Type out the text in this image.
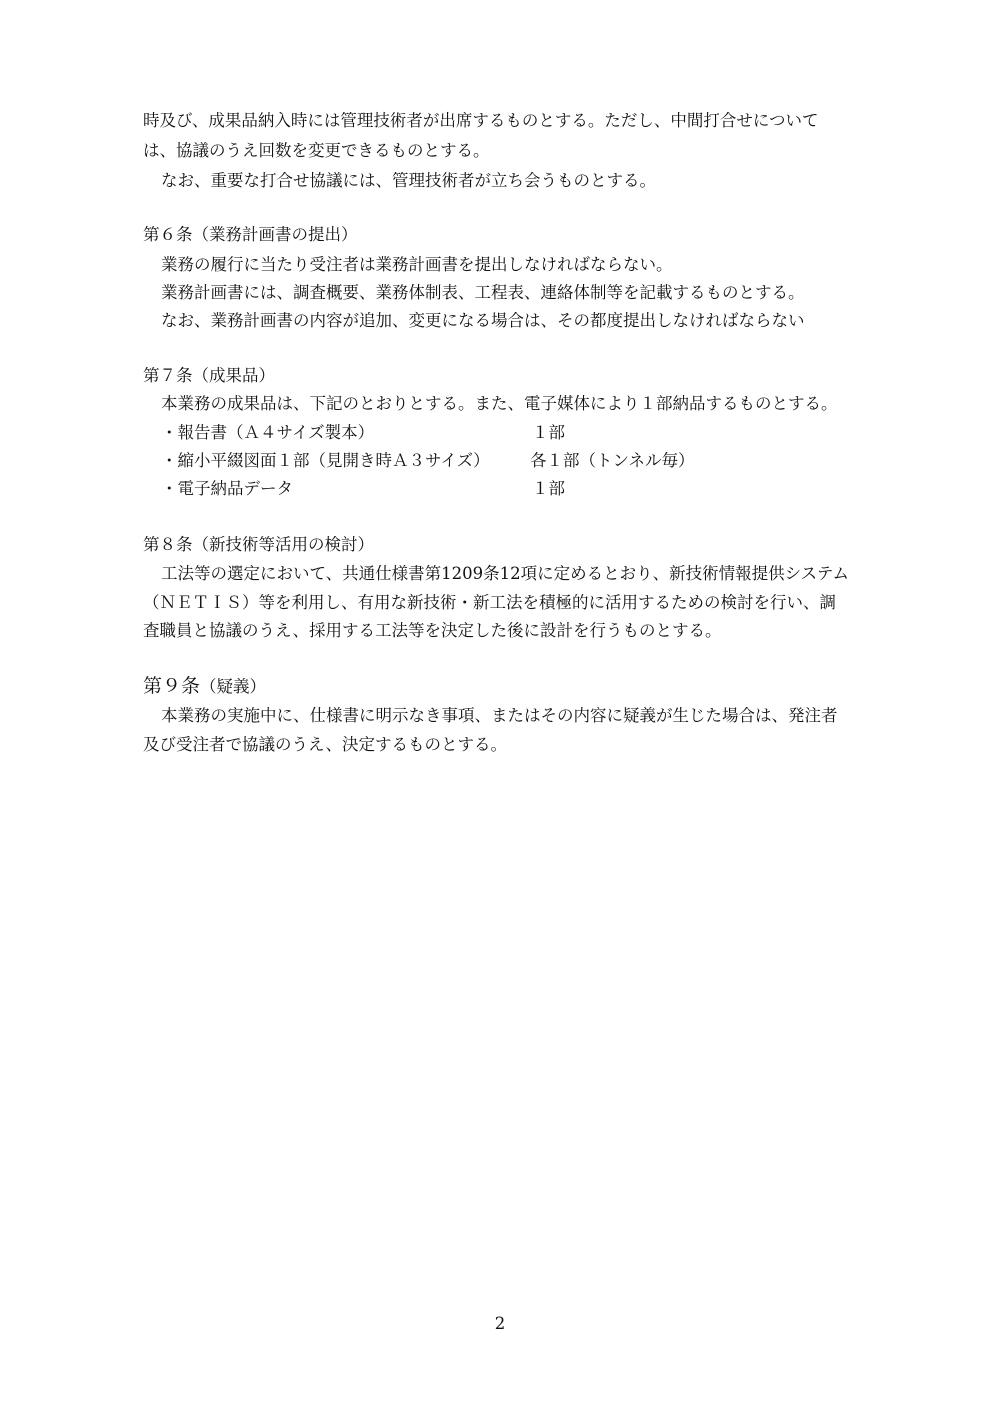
時及び、成果品納入時には管理技術者が出席するものとする。ただし、中間打合せについて
は、協議のうえ回数を変更できるものとする。
なお、重要な打合せ協議には、管理技術者が立ち会うものとする。
第６条（業務計画書の提出）
業務の履行に当たり受注者は業務計画書を提出しなければならない。
業務計画書には、調査概要、業務体制表、工程表、連絡体制等を記載するものとする。
なお、業務計画書の内容が追加、変更になる場合は、その都度提出しなければならない
第７条（成果品）
本業務の成果品は、下記のとおりとする。また、電子媒体により１部納品するものとする。
・報告書（Ａ４サイズ製本）	１部
・縮小平綴図面１部（見開き時Ａ３サイズ） 各１部（トンネル毎）
・電子納品データ	１部
第８条（新技術等活用の検討）
工法等の選定において、共通仕様書第1209条12項に定めるとおり、新技術情報提供システム
（ＮＥＴＩＳ）等を利用し、有用な新技術・新工法を積極的に活用するための検討を行い、調
査職員と協議のうえ、採用する工法等を決定した後に設計を行うものとする。
第９条（疑義）
本業務の実施中に、仕様書に明示なき事項、またはその内容に疑義が生じた場合は、発注者
及び受注者で協議のうえ、決定するものとする。
2
